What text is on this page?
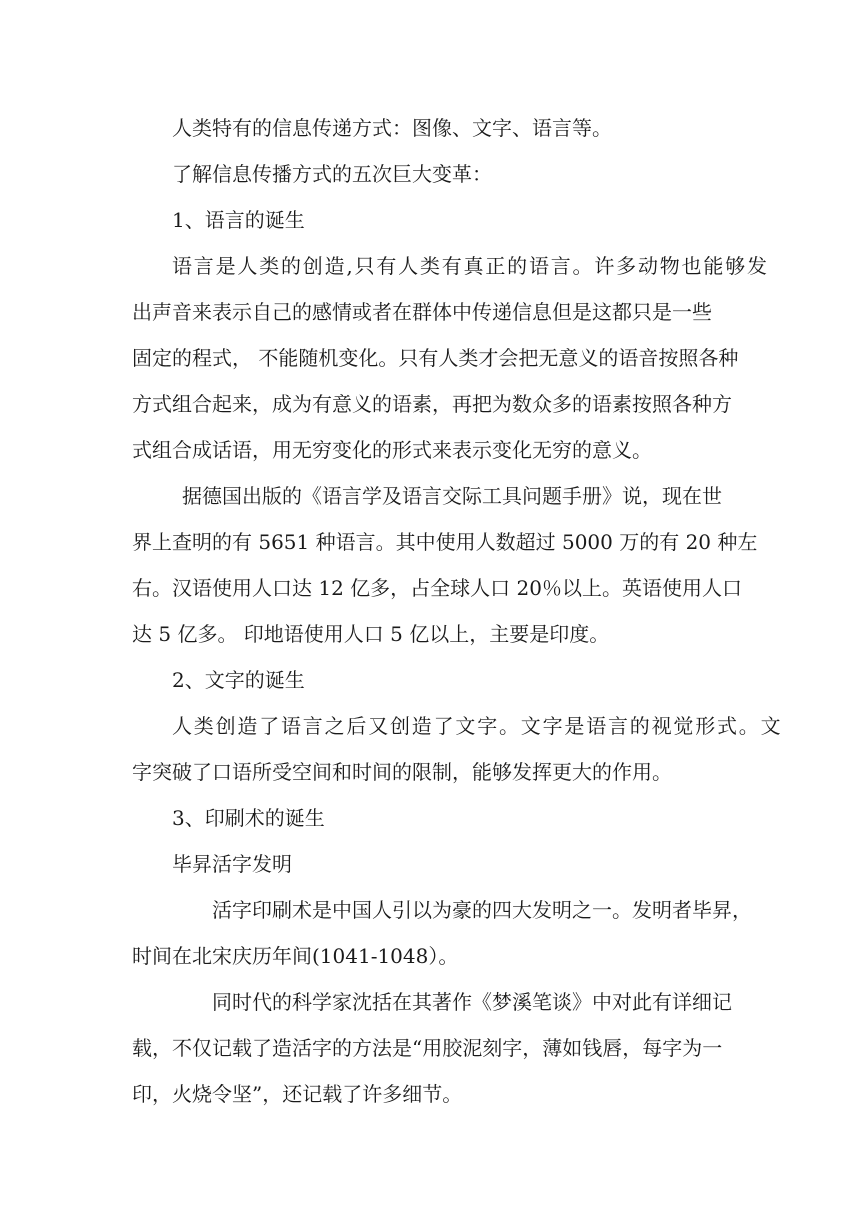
人类特有的信息传递方式：图像、文字、语言等。
了解信息传播方式的五次巨大变革：
1、语言的诞生
语言是人类的创造,只有人类有真正的语言。许多动物也能够发
出声音来表示自己的感情或者在群体中传递信息但是这都只是一些
固定的程式， 不能随机变化。只有人类才会把无意义的语音按照各种
方式组合起来，成为有意义的语素，再把为数众多的语素按照各种方
式组合成话语，用无穷变化的形式来表示变化无穷的意义。
据德国出版的《语言学及语言交际工具问题手册》说，现在世
界上查明的有 5651 种语言。其中使用人数超过 5000 万的有 20 种左
右。汉语使用人口达 12 亿多，占全球人口 20％以上。英语使用人口
达 5 亿多。 印地语使用人口 5 亿以上，主要是印度。
2、文字的诞生
人类创造了语言之后又创造了文字。文字是语言的视觉形式。文
字突破了口语所受空间和时间的限制，能够发挥更大的作用。
3、印刷术的诞生
毕昇活字发明
活字印刷术是中国人引以为豪的四大发明之一。发明者毕昇，
时间在北宋庆历年间(1041-1048）。
同时代的科学家沈括在其著作《梦溪笔谈》中对此有详细记
载，不仅记载了造活字的方法是“用胶泥刻字，薄如钱唇，每字为一
印，火烧令坚”，还记载了许多细节。
